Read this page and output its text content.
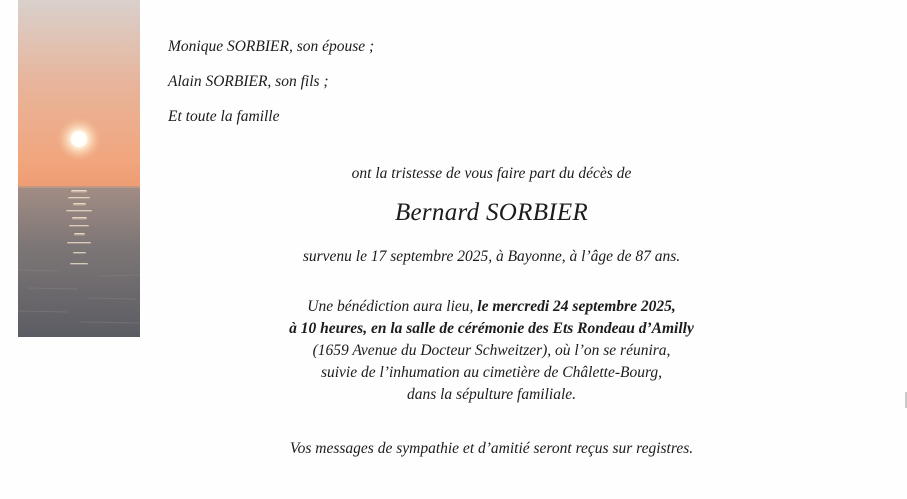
Monique SORBIER, son épouse ;
Alain SORBIER, son fils ;
Et toute la famille
ont la tristesse de vous faire part du décès de
Bernard SORBIER
survenu le 17 septembre 2025, à Bayonne, à l’âge de 87 ans.
Une bénédiction aura lieu, le mercredi 24 septembre 2025,
à 10 heures, en la salle de cérémonie des Ets Rondeau d’Amilly
(1659 Avenue du Docteur Schweitzer), où l’on se réunira,
suivie de l’inhumation au cimetière de Châlette-Bourg,
dans la sépulture familiale.
Vos messages de sympathie et d’amitié seront reçus sur registres.
